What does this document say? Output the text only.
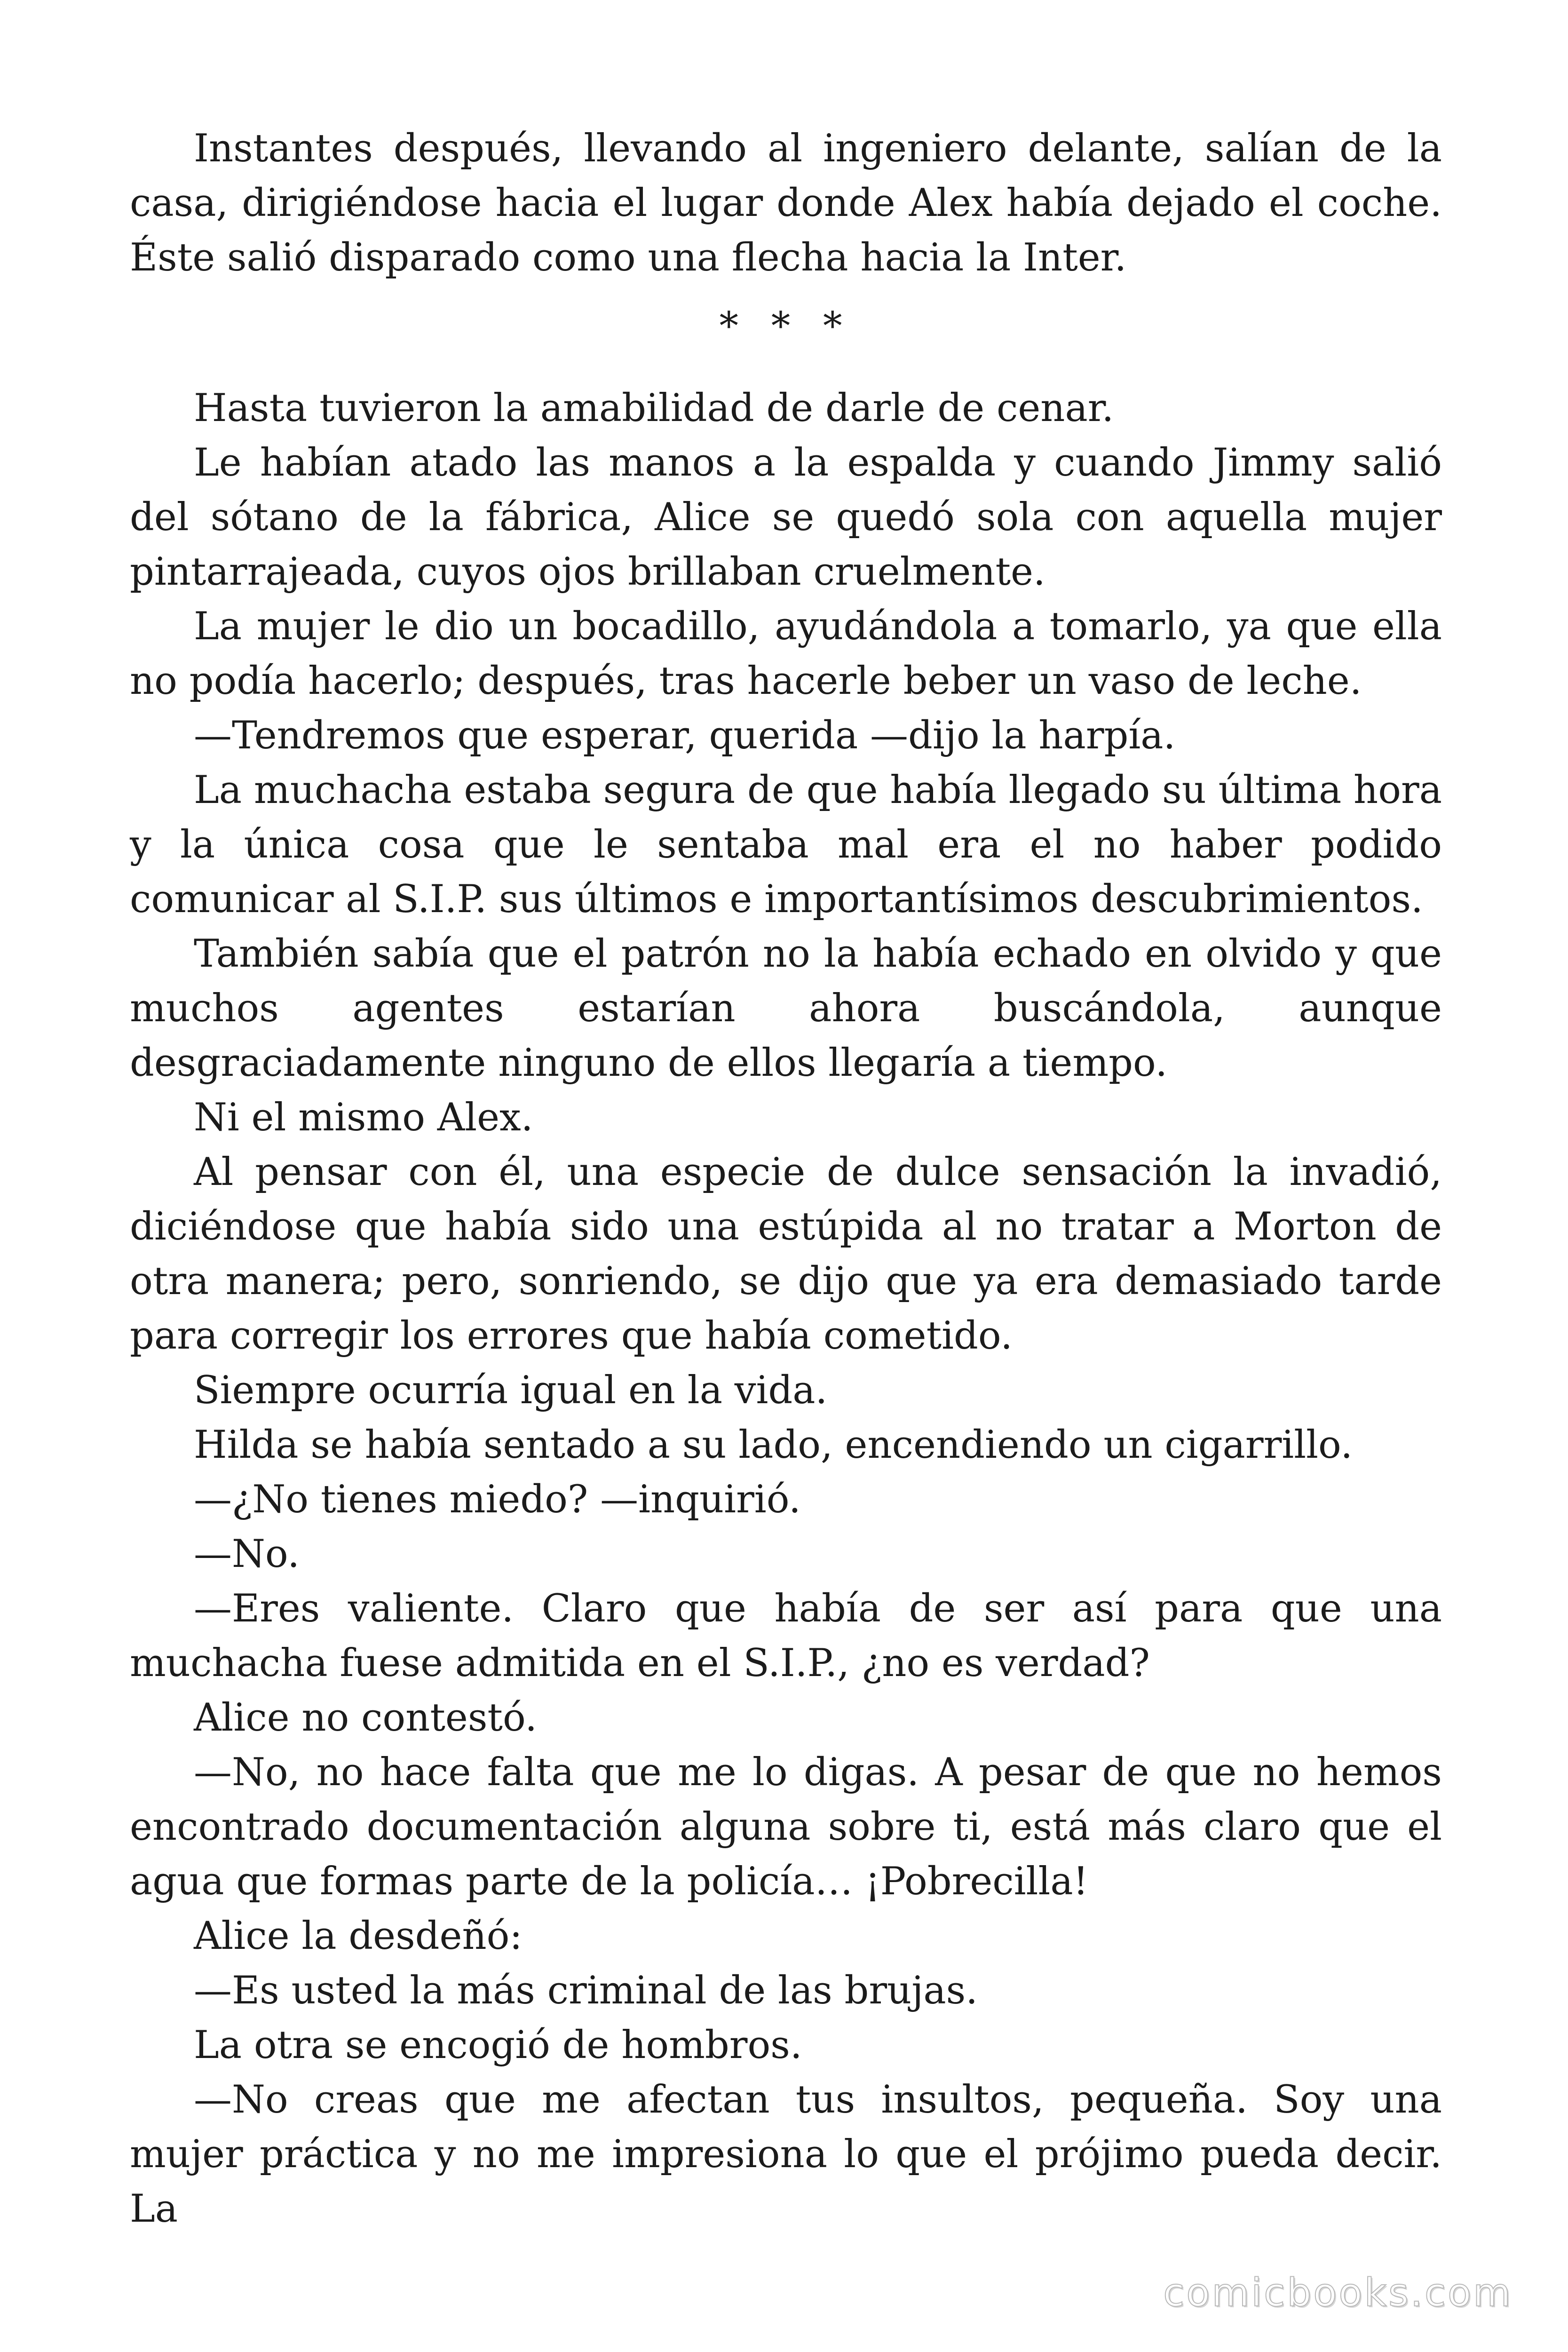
Instantes después, llevando al ingeniero delante, salían de la casa, dirigiéndose hacia el lugar donde Alex había dejado el coche. Éste salió disparado como una flecha hacia la Inter.

* * *

Hasta tuvieron la amabilidad de darle de cenar.

Le habían atado las manos a la espalda y cuando Jimmy salió del sótano de la fábrica, Alice se quedó sola con aquella mujer pintarrajeada, cuyos ojos brillaban cruelmente.

La mujer le dio un bocadillo, ayudándola a tomarlo, ya que ella no podía hacerlo; después, tras hacerle beber un vaso de leche.

—Tendremos que esperar, querida —dijo la harpía.

La muchacha estaba segura de que había llegado su última hora y la única cosa que le sentaba mal era el no haber podido comunicar al S.I.P. sus últimos e importantísimos descubrimientos.

También sabía que el patrón no la había echado en olvido y que muchos agentes estarían ahora buscándola, aunque desgraciadamente ninguno de ellos llegaría a tiempo.

Ni el mismo Alex.

Al pensar con él, una especie de dulce sensación la invadió, diciéndose que había sido una estúpida al no tratar a Morton de otra manera; pero, sonriendo, se dijo que ya era demasiado tarde para corregir los errores que había cometido.

Siempre ocurría igual en la vida.

Hilda se había sentado a su lado, encendiendo un cigarrillo.

—¿No tienes miedo? —inquirió.

—No.

—Eres valiente. Claro que había de ser así para que una muchacha fuese admitida en el S.I.P., ¿no es verdad?

Alice no contestó.

—No, no hace falta que me lo digas. A pesar de que no hemos encontrado documentación alguna sobre ti, está más claro que el agua que formas parte de la policía… ¡Pobrecilla!

Alice la desdeñó:

—Es usted la más criminal de las brujas.

La otra se encogió de hombros.

—No creas que me afectan tus insultos, pequeña. Soy una mujer práctica y no me impresiona lo que el prójimo pueda decir. La

comicbooks.com
